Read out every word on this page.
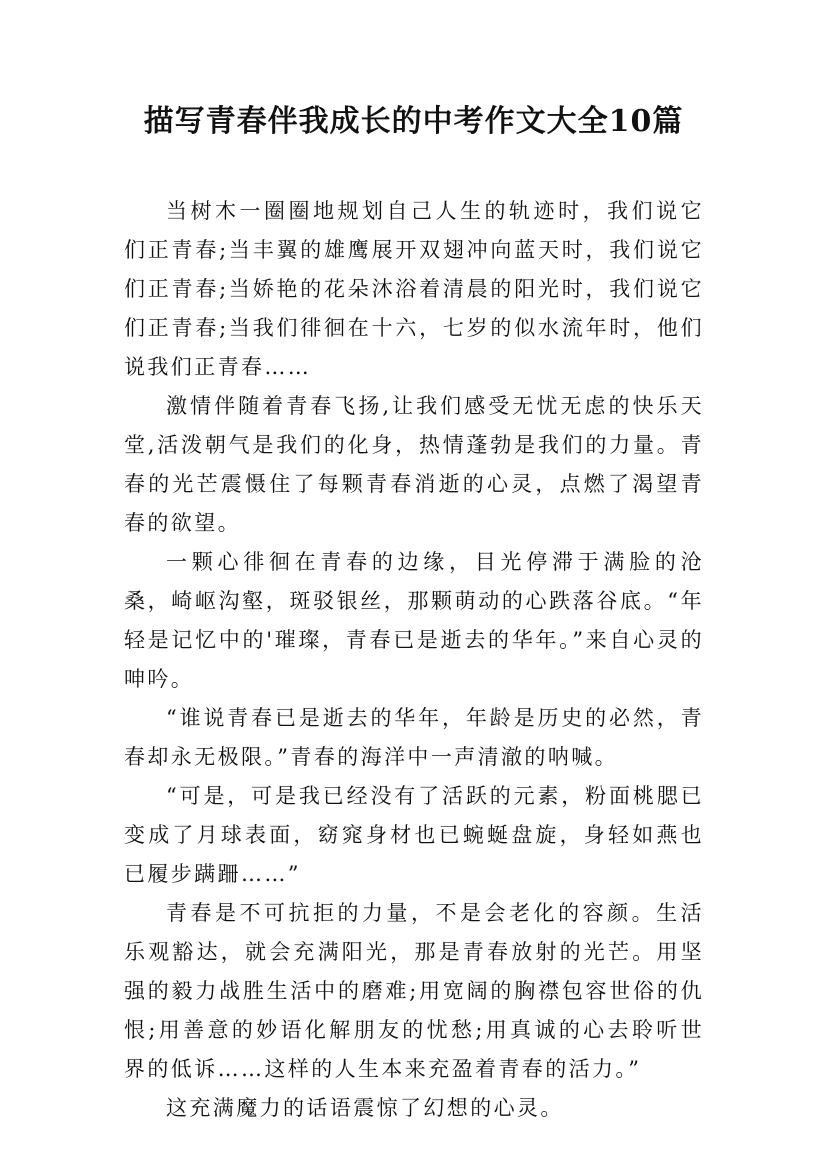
描写青春伴我成长的中考作文大全10篇

当树木一圈圈地规划自己人生的轨迹时，我们说它们正青春;当丰翼的雄鹰展开双翅冲向蓝天时，我们说它们正青春;当娇艳的花朵沐浴着清晨的阳光时，我们说它们正青春;当我们徘徊在十六，七岁的似水流年时，他们说我们正青春……

激情伴随着青春飞扬,让我们感受无忧无虑的快乐天堂,活泼朝气是我们的化身，热情蓬勃是我们的力量。青春的光芒震慑住了每颗青春消逝的心灵，点燃了渴望青春的欲望。

一颗心徘徊在青春的边缘，目光停滞于满脸的沧桑，崎岖沟壑，斑驳银丝，那颗萌动的心跌落谷底。“年轻是记忆中的'璀璨，青春已是逝去的华年。”来自心灵的呻吟。

“谁说青春已是逝去的华年，年龄是历史的必然，青春却永无极限。”青春的海洋中一声清澈的呐喊。

“可是，可是我已经没有了活跃的元素，粉面桃腮已变成了月球表面，窈窕身材也已蜿蜒盘旋，身轻如燕也已履步蹒跚……”

青春是不可抗拒的力量，不是会老化的容颜。生活乐观豁达，就会充满阳光，那是青春放射的光芒。用坚强的毅力战胜生活中的磨难;用宽阔的胸襟包容世俗的仇恨;用善意的妙语化解朋友的忧愁;用真诚的心去聆听世界的低诉……这样的人生本来充盈着青春的活力。”

这充满魔力的话语震惊了幻想的心灵。
